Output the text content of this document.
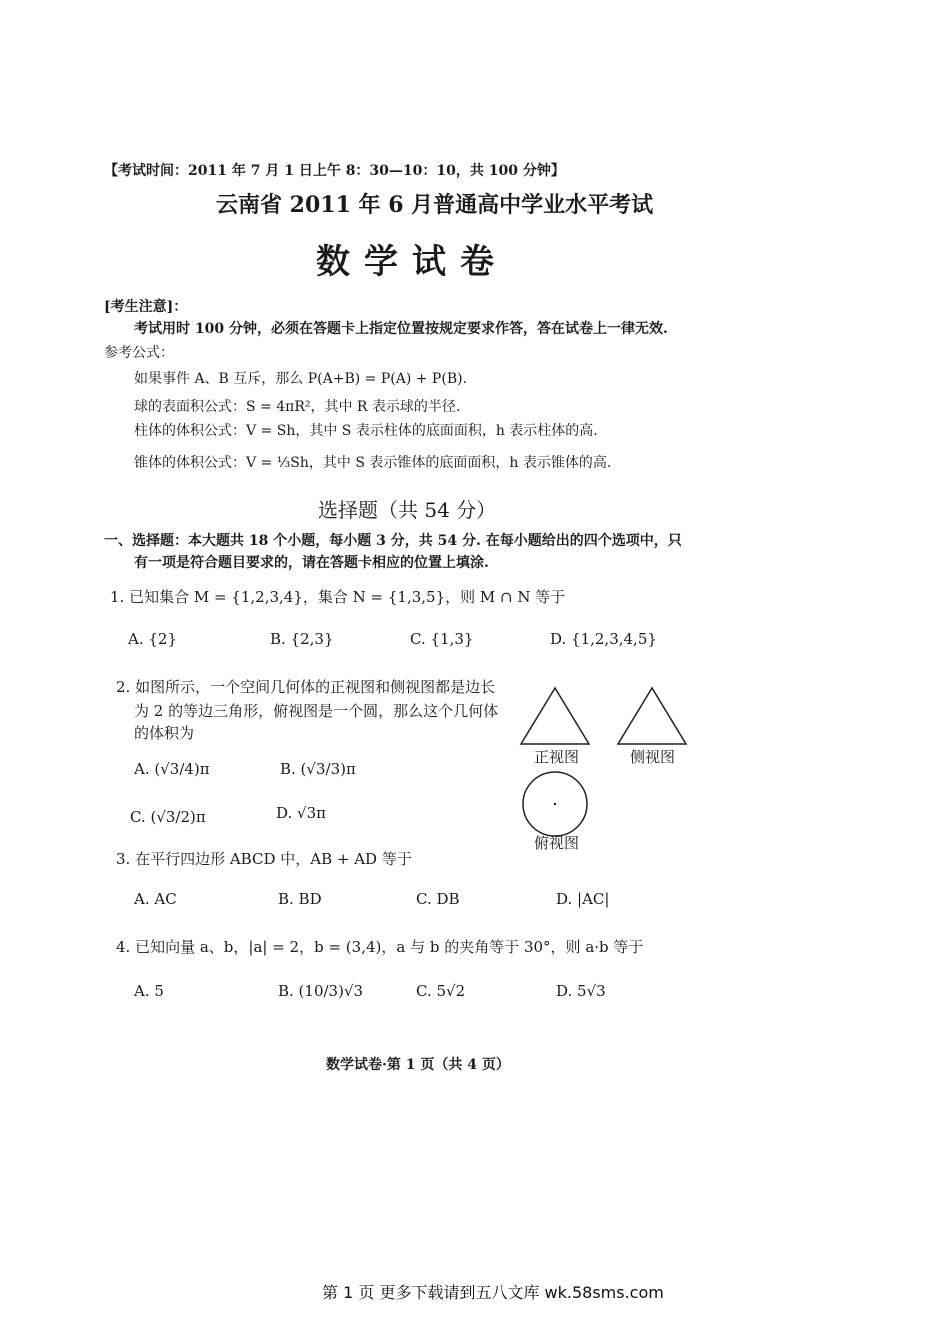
【考试时间：2011 年 7 月 1 日上午 8：30—10：10，共 100 分钟】
云南省 2011 年 6 月普通高中学业水平考试
数学试卷
[考生注意]：
考试用时 100 分钟，必须在答题卡上指定位置按规定要求作答，答在试卷上一律无效.
参考公式：
如果事件 A、B 互斥，那么 P(A+B) = P(A) + P(B).
球的表面积公式：S = 4πR²，其中 R 表示球的半径.
柱体的体积公式：V = Sh，其中 S 表示柱体的底面面积，h 表示柱体的高.
锥体的体积公式：V = ⅓Sh，其中 S 表示锥体的底面面积，h 表示锥体的高.
选择题（共 54 分）
一、选择题：本大题共 18 个小题，每小题 3 分，共 54 分. 在每小题给出的四个选项中，只
有一项是符合题目要求的，请在答题卡相应的位置上填涂.
1. 已知集合 M = {1,2,3,4}，集合 N = {1,3,5}，则 M ∩ N 等于
A. {2}	B. {2,3}	C. {1,3}	D. {1,2,3,4,5}
2. 如图所示，一个空间几何体的正视图和侧视图都是边长
为 2 的等边三角形，俯视图是一个圆，那么这个几何体
的体积为
A. (√3/4)π	B. (√3/3)π
C. (√3/2)π	D. √3π
正视图	侧视图
俯视图
3. 在平行四边形 ABCD 中，AB + AD 等于
A. AC	B. BD	C. DB	D. |AC|
4. 已知向量 a、b，|a| = 2，b = (3,4)，a 与 b 的夹角等于 30°，则 a·b 等于
A. 5	B. (10/3)√3	C. 5√2	D. 5√3
数学试卷·第 1 页（共 4 页）
第 1 页 更多下载请到五八文库 wk.58sms.com
